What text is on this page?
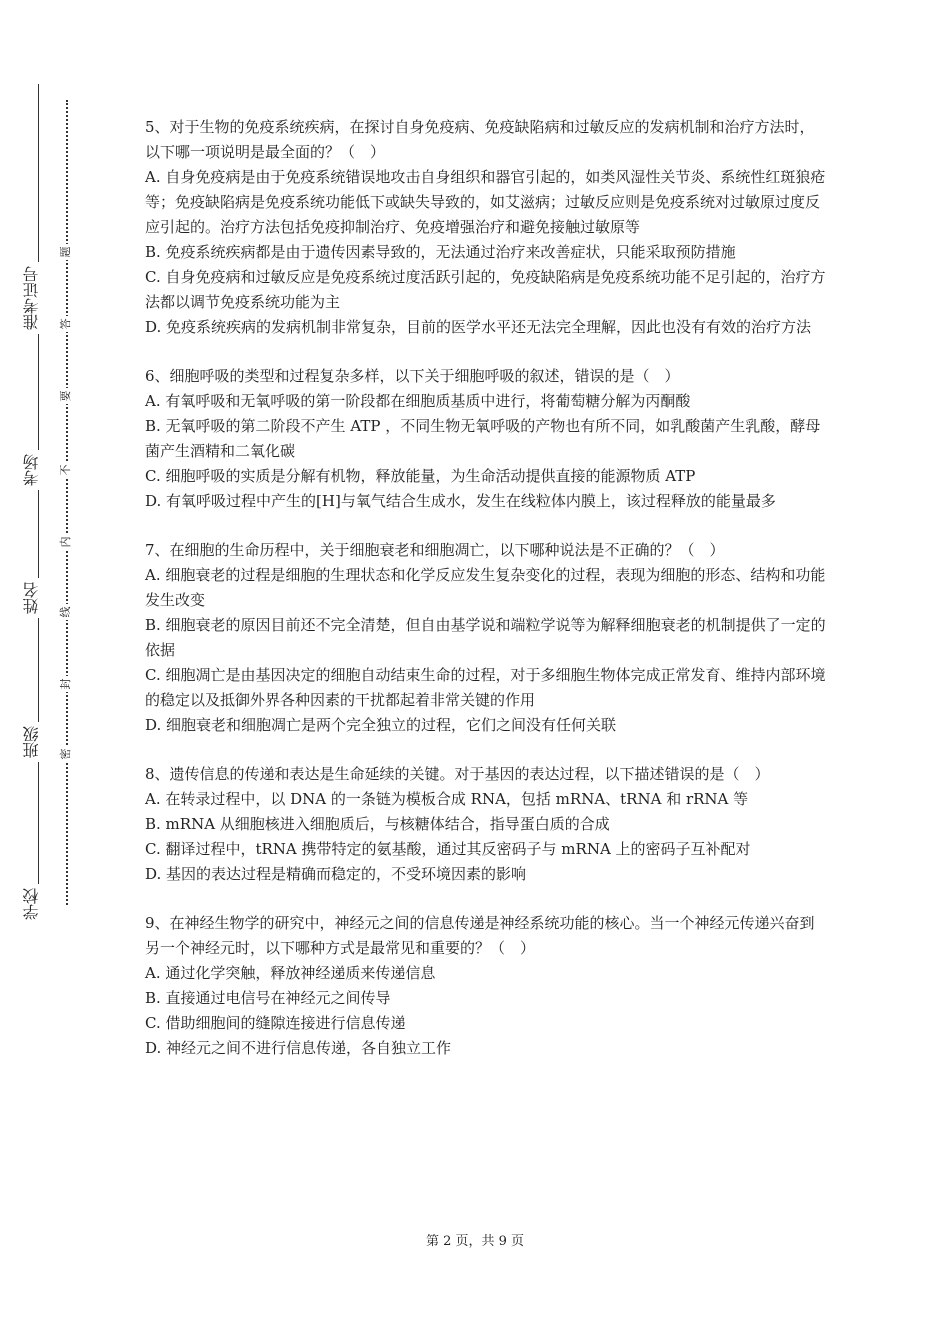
准考证号
考场
姓名
班级
学校
题
答
要
不
内
线
封
密

5、对于生物的免疫系统疾病，在探讨自身免疫病、免疫缺陷病和过敏反应的发病机制和治疗方法时，以下哪一项说明是最全面的？（　）

A. 自身免疫病是由于免疫系统错误地攻击自身组织和器官引起的，如类风湿性关节炎、系统性红斑狼疮等；免疫缺陷病是免疫系统功能低下或缺失导致的，如艾滋病；过敏反应则是免疫系统对过敏原过度反应引起的。治疗方法包括免疫抑制治疗、免疫增强治疗和避免接触过敏原等

B. 免疫系统疾病都是由于遗传因素导致的，无法通过治疗来改善症状，只能采取预防措施

C. 自身免疫病和过敏反应是免疫系统过度活跃引起的，免疫缺陷病是免疫系统功能不足引起的，治疗方法都以调节免疫系统功能为主

D. 免疫系统疾病的发病机制非常复杂，目前的医学水平还无法完全理解，因此也没有有效的治疗方法

6、细胞呼吸的类型和过程复杂多样，以下关于细胞呼吸的叙述，错误的是（　）

A. 有氧呼吸和无氧呼吸的第一阶段都在细胞质基质中进行，将葡萄糖分解为丙酮酸

B. 无氧呼吸的第二阶段不产生 ATP ，不同生物无氧呼吸的产物也有所不同，如乳酸菌产生乳酸，酵母菌产生酒精和二氧化碳

C. 细胞呼吸的实质是分解有机物，释放能量，为生命活动提供直接的能源物质 ATP

D. 有氧呼吸过程中产生的[H]与氧气结合生成水，发生在线粒体内膜上，该过程释放的能量最多

7、在细胞的生命历程中，关于细胞衰老和细胞凋亡，以下哪种说法是不正确的？（　）

A. 细胞衰老的过程是细胞的生理状态和化学反应发生复杂变化的过程，表现为细胞的形态、结构和功能发生改变

B. 细胞衰老的原因目前还不完全清楚，但自由基学说和端粒学说等为解释细胞衰老的机制提供了一定的依据

C. 细胞凋亡是由基因决定的细胞自动结束生命的过程，对于多细胞生物体完成正常发育、维持内部环境的稳定以及抵御外界各种因素的干扰都起着非常关键的作用

D. 细胞衰老和细胞凋亡是两个完全独立的过程，它们之间没有任何关联

8、遗传信息的传递和表达是生命延续的关键。对于基因的表达过程，以下描述错误的是（　）

A. 在转录过程中，以 DNA 的一条链为模板合成 RNA，包括 mRNA、tRNA 和 rRNA 等

B. mRNA 从细胞核进入细胞质后，与核糖体结合，指导蛋白质的合成

C. 翻译过程中，tRNA 携带特定的氨基酸，通过其反密码子与 mRNA 上的密码子互补配对

D. 基因的表达过程是精确而稳定的，不受环境因素的影响

9、在神经生物学的研究中，神经元之间的信息传递是神经系统功能的核心。当一个神经元传递兴奋到另一个神经元时，以下哪种方式是最常见和重要的？（　）

A. 通过化学突触，释放神经递质来传递信息

B. 直接通过电信号在神经元之间传导

C. 借助细胞间的缝隙连接进行信息传递

D. 神经元之间不进行信息传递，各自独立工作

第 2 页，共 9 页
